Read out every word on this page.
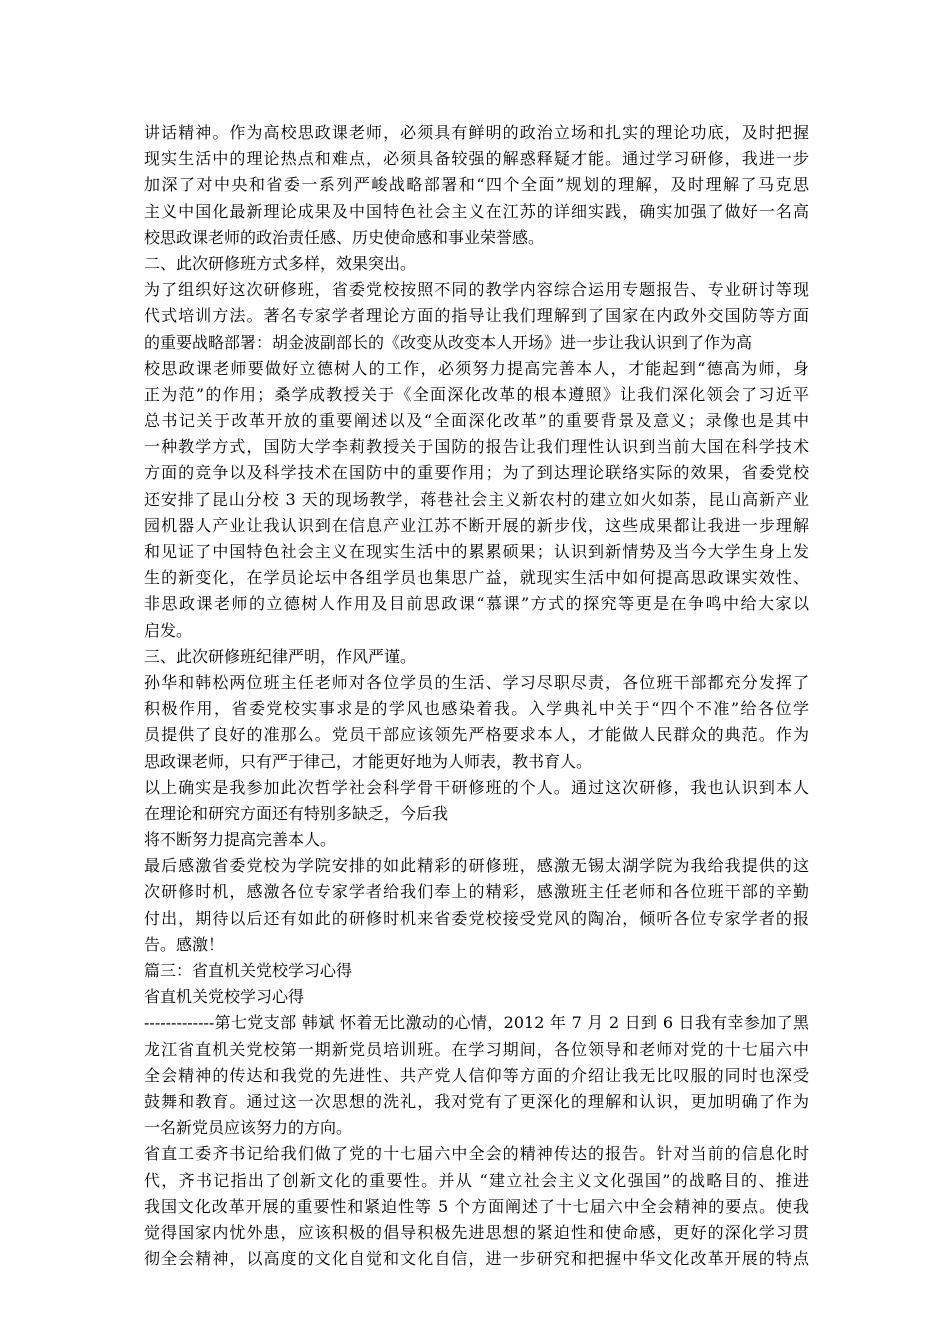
讲话精神。作为高校思政课老师，必须具有鲜明的政治立场和扎实的理论功底，及时把握
现实生活中的理论热点和难点，必须具备较强的解惑释疑才能。通过学习研修，我进一步
加深了对中央和省委一系列严峻战略部署和“四个全面”规划的理解，及时理解了马克思
主义中国化最新理论成果及中国特色社会主义在江苏的详细实践，确实加强了做好一名高
校思政课老师的政治责任感、历史使命感和事业荣誉感。
二、此次研修班方式多样，效果突出。
为了组织好这次研修班，省委党校按照不同的教学内容综合运用专题报告、专业研讨等现
代式培训方法。著名专家学者理论方面的指导让我们理解到了国家在内政外交国防等方面
的重要战略部署：胡金波副部长的《改变从改变本人开场》进一步让我认识到了作为高
校思政课老师要做好立德树人的工作，必须努力提高完善本人，才能起到“德高为师，身
正为范”的作用；桑学成教授关于《全面深化改革的根本遵照》让我们深化领会了习近平
总书记关于改革开放的重要阐述以及“全面深化改革”的重要背景及意义；录像也是其中
一种教学方式，国防大学李莉教授关于国防的报告让我们理性认识到当前大国在科学技术
方面的竞争以及科学技术在国防中的重要作用；为了到达理论联络实际的效果，省委党校
还安排了昆山分校 3 天的现场教学，蒋巷社会主义新农村的建立如火如荼，昆山高新产业
园机器人产业让我认识到在信息产业江苏不断开展的新步伐，这些成果都让我进一步理解
和见证了中国特色社会主义在现实生活中的累累硕果；认识到新情势及当今大学生身上发
生的新变化，在学员论坛中各组学员也集思广益，就现实生活中如何提高思政课实效性、
非思政课老师的立德树人作用及目前思政课“慕课”方式的探究等更是在争鸣中给大家以
启发。
三、此次研修班纪律严明，作风严谨。
孙华和韩松两位班主任老师对各位学员的生活、学习尽职尽责，各位班干部都充分发挥了
积极作用，省委党校实事求是的学风也感染着我。入学典礼中关于“四个不准”给各位学
员提供了良好的准那么。党员干部应该领先严格要求本人，才能做人民群众的典范。作为
思政课老师，只有严于律己，才能更好地为人师表，教书育人。
以上确实是我参加此次哲学社会科学骨干研修班的个人。通过这次研修，我也认识到本人
在理论和研究方面还有特别多缺乏，今后我
将不断努力提高完善本人。
最后感激省委党校为学院安排的如此精彩的研修班，感激无锡太湖学院为我给我提供的这
次研修时机，感激各位专家学者给我们奉上的精彩，感激班主任老师和各位班干部的辛勤
付出，期待以后还有如此的研修时机来省委党校接受党风的陶冶，倾听各位专家学者的报
告。感激！
篇三：省直机关党校学习心得
省直机关党校学习心得
-------------第七党支部 韩斌 怀着无比激动的心情，2012 年 7 月 2 日到 6 日我有幸参加了黑
龙江省直机关党校第一期新党员培训班。在学习期间，各位领导和老师对党的十七届六中
全会精神的传达和我党的先进性、共产党人信仰等方面的介绍让我无比叹服的同时也深受
鼓舞和教育。通过这一次思想的洗礼，我对党有了更深化的理解和认识，更加明确了作为
一名新党员应该努力的方向。
省直工委齐书记给我们做了党的十七届六中全会的精神传达的报告。针对当前的信息化时
代，齐书记指出了创新文化的重要性。并从 “建立社会主义文化强国”的战略目的、推进
我国文化改革开展的重要性和紧迫性等 5 个方面阐述了十七届六中全会精神的要点。使我
觉得国家内忧外患，应该积极的倡导积极先进思想的紧迫性和使命感，更好的深化学习贯
彻全会精神，以高度的文化自觉和文化自信，进一步研究和把握中华文化改革开展的特点
